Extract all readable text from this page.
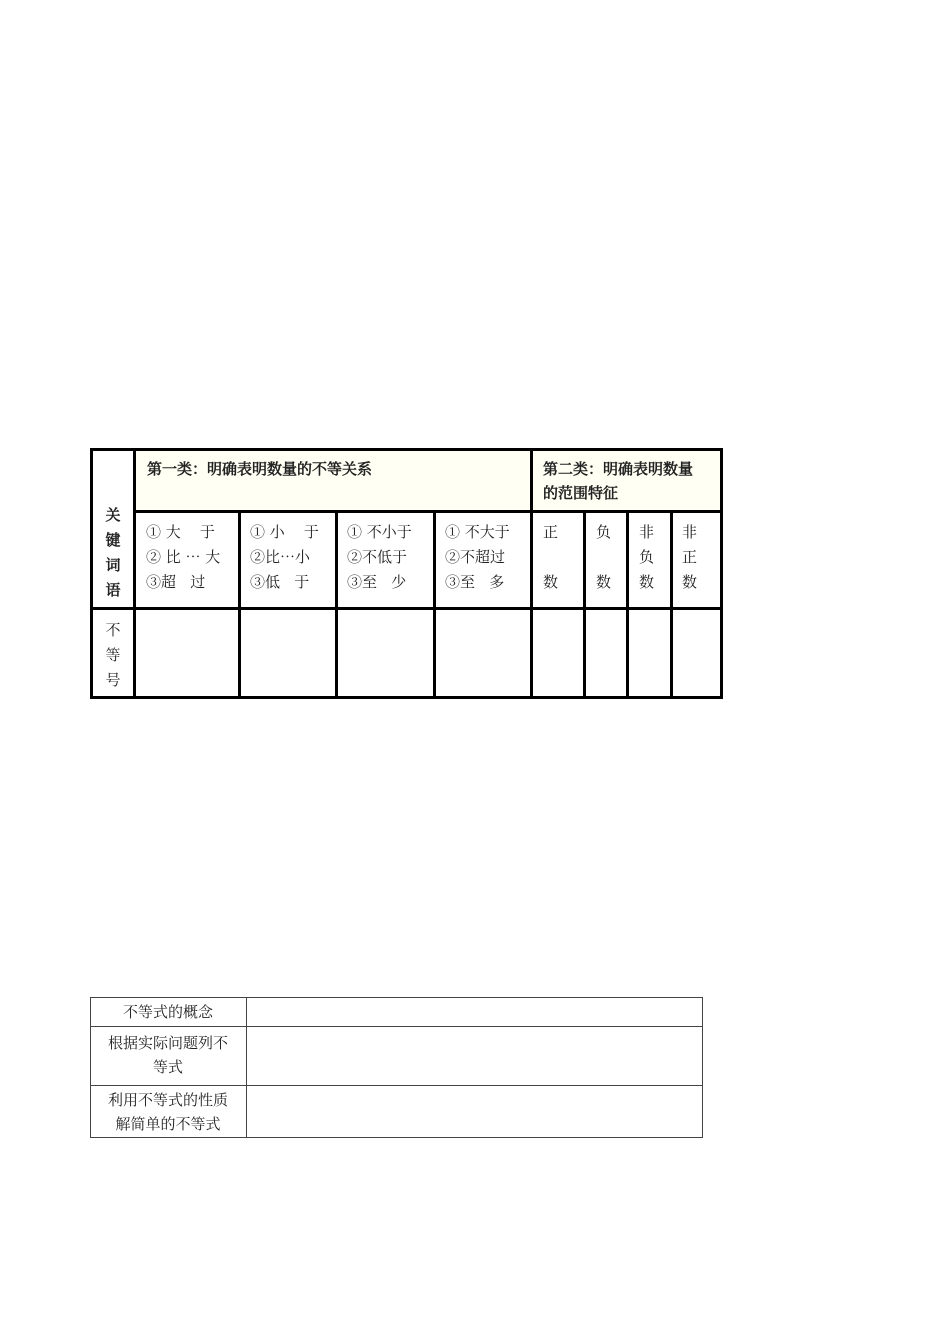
关
键
词
语
不
等
号
第一类：明确表明数量的不等关系	第二类：明确表明数量
的范围特征
① 大    于
② 比 ⋯ 大
③超   过
① 小    于
②比⋯小
③低   于
① 不小于
②不低于
③至   少
① 不大于
②不超过
③至   多
正
数
负
数
非
负
数
非
正
数
不等式的概念
根据实际问题列不
等式
利用不等式的性质
解简单的不等式
